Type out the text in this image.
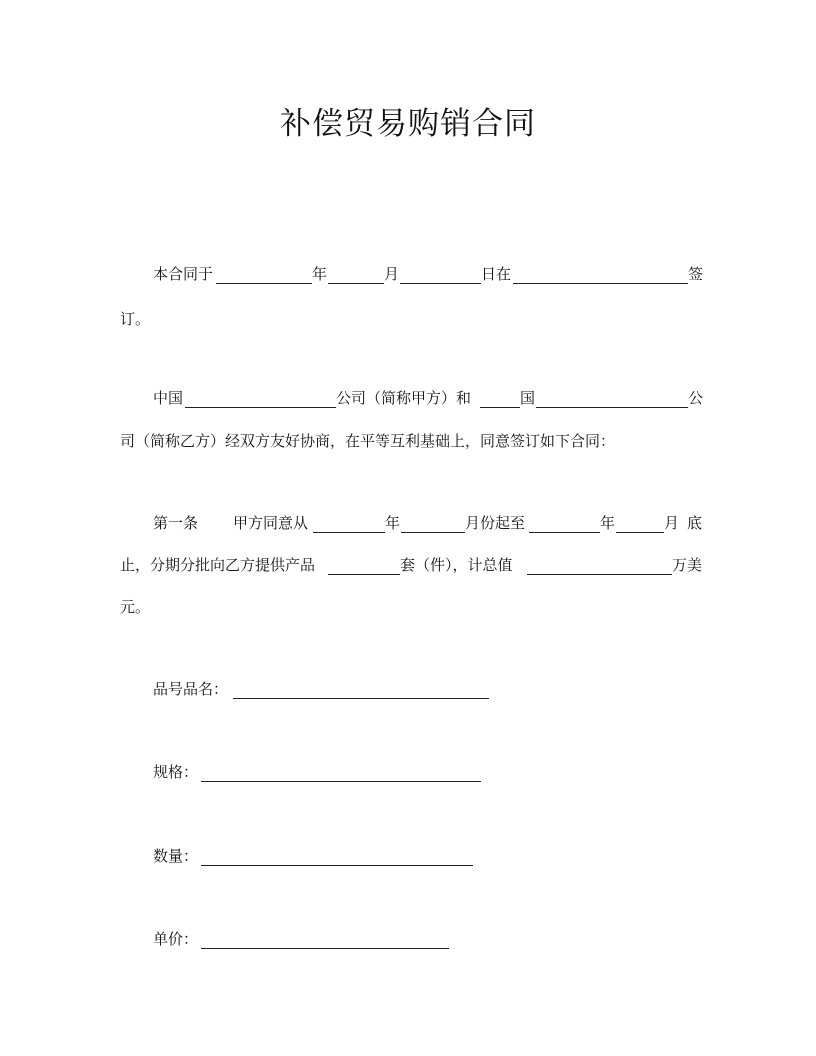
补偿贸易购销合同
本合同于	年	月	日在	签
订。
中国	公司（简称甲方）和	国	公
司（简称乙方）经双方友好协商，在平等互利基础上，同意签订如下合同：
第一条 甲方同意从	年	月份起至	年	月底
止，分期分批向乙方提供产品	套（件），计总值	万美
元。
品号品名：
规格：
数量：
单价：
